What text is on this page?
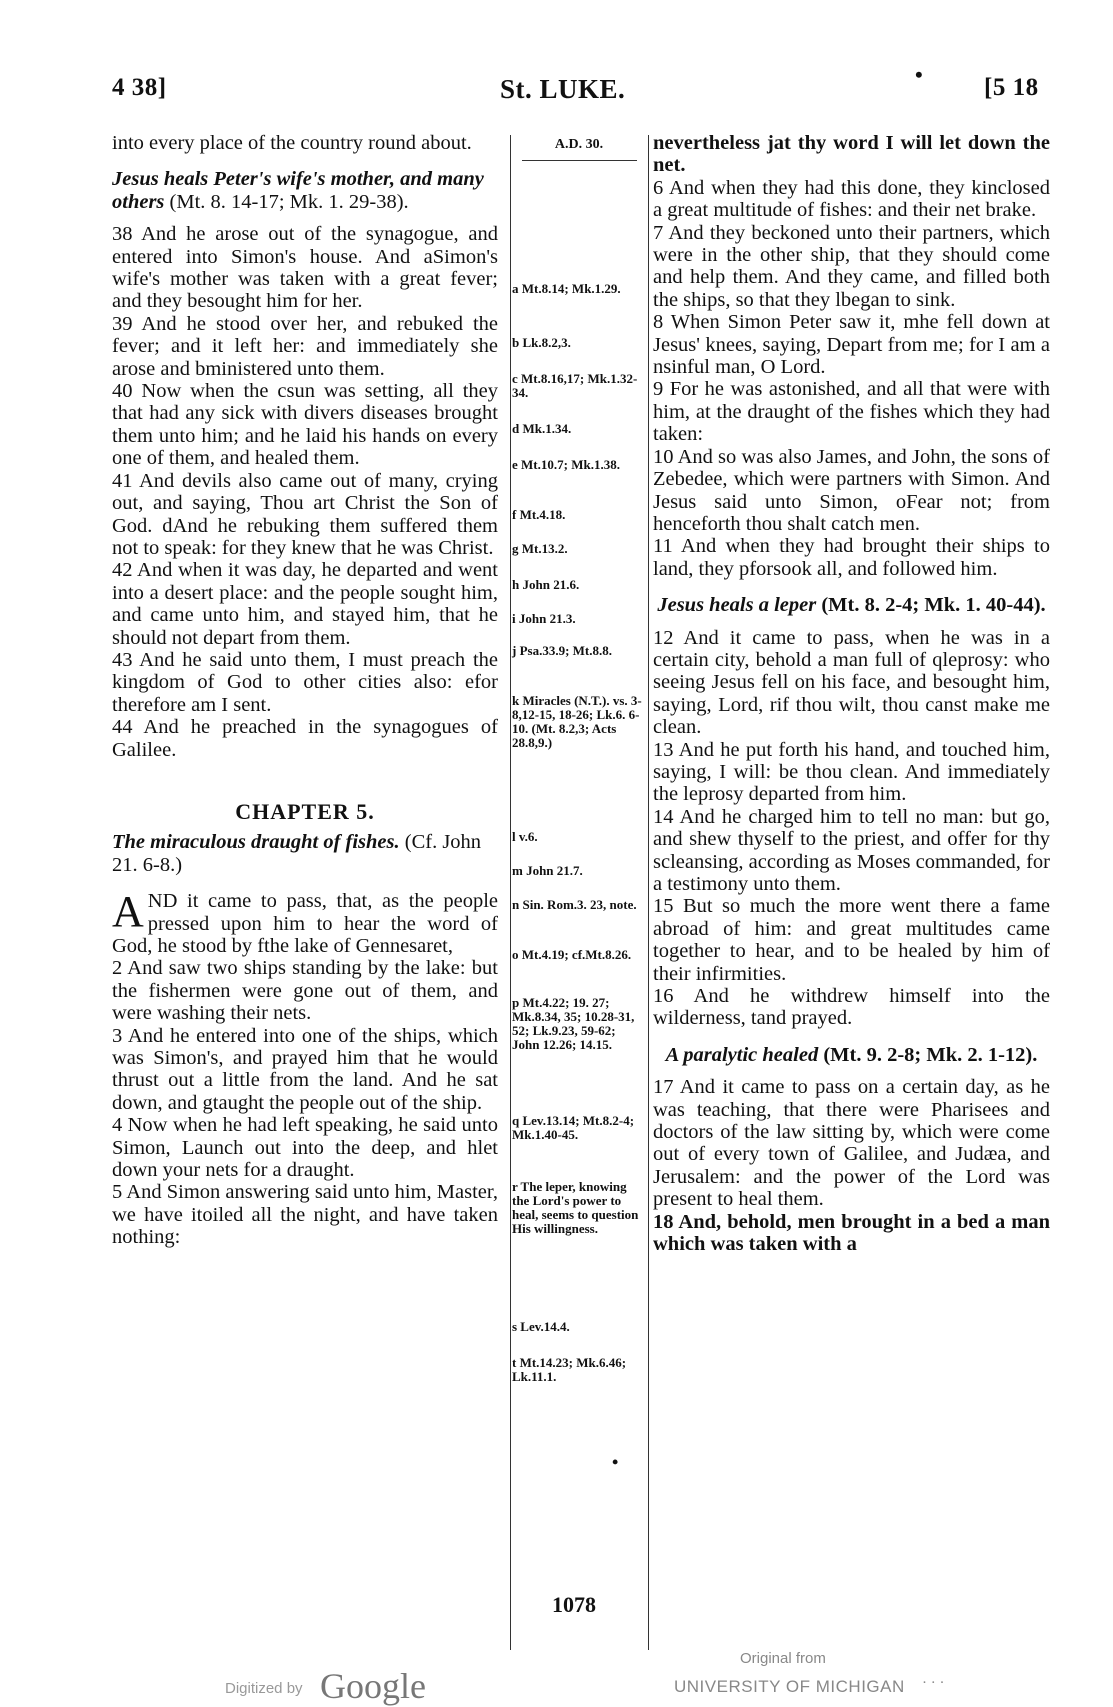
4 38]	St. LUKE.	• [5 18

into every place of the country round about.

Jesus heals Peter's wife's mother, and many others (Mt. 8. 14-17; Mk. 1. 29-38).

38 And he arose out of the synagogue, and entered into Simon's house. And aSimon's wife's mother was taken with a great fever; and they besought him for her.

39 And he stood over her, and rebuked the fever; and it left her: and immediately she arose and bministered unto them.

40 Now when the csun was setting, all they that had any sick with divers diseases brought them unto him; and he laid his hands on every one of them, and healed them.

41 And devils also came out of many, crying out, and saying, Thou art Christ the Son of God. dAnd he rebuking them suffered them not to speak: for they knew that he was Christ.

42 And when it was day, he departed and went into a desert place: and the people sought him, and came unto him, and stayed him, that he should not depart from them.

43 And he said unto them, I must preach the kingdom of God to other cities also: efor therefore am I sent.

44 And he preached in the synagogues of Galilee.

CHAPTER 5.

The miraculous draught of fishes. (Cf. John 21. 6-8.)

A ND it came to pass, that, as the people pressed upon him to hear the word of God, he stood by fthe lake of Gennesaret,

2 And saw two ships standing by the lake: but the fishermen were gone out of them, and were washing their nets.

3 And he entered into one of the ships, which was Simon's, and prayed him that he would thrust out a little from the land. And he sat down, and gtaught the people out of the ship.

4 Now when he had left speaking, he said unto Simon, Launch out into the deep, and hlet down your nets for a draught.

5 And Simon answering said unto him, Master, we have itoiled all the night, and have taken nothing:

A.D. 30.
a Mt.8.14; Mk.1.29.
b Lk.8.2,3.
c Mt.8.16,17; Mk.1.32-34.
d Mk.1.34.
e Mt.10.7; Mk.1.38.
f Mt.4.18.
g Mt.13.2.
h John 21.6.
i John 21.3.
j Psa.33.9; Mt.8.8.
k Miracles (N.T.). vs. 3-8,12-15, 18-26; Lk.6. 6-10. (Mt. 8.2,3; Acts 28.8,9.)
l v.6.
m John 21.7.
n Sin. Rom.3. 23, note.
o Mt.4.19; cf.Mt.8.26.
p Mt.4.22; 19. 27; Mk.8.34, 35; 10.28-31, 52; Lk.9.23, 59-62; John 12.26; 14.15.
q Lev.13.14; Mt.8.2-4; Mk.1.40-45.
r The leper, knowing the Lord's power to heal, seems to question His willingness.
s Lev.14.4.
t Mt.14.23; Mk.6.46; Lk.11.1.
•

nevertheless jat thy word I will let down the net.

6 And when they had this done, they kinclosed a great multitude of fishes: and their net brake.

7 And they beckoned unto their partners, which were in the other ship, that they should come and help them. And they came, and filled both the ships, so that they lbegan to sink.

8 When Simon Peter saw it, mhe fell down at Jesus' knees, saying, Depart from me; for I am a nsinful man, O Lord.

9 For he was astonished, and all that were with him, at the draught of the fishes which they had taken:

10 And so was also James, and John, the sons of Zebedee, which were partners with Simon. And Jesus said unto Simon, oFear not; from henceforth thou shalt catch men.

11 And when they had brought their ships to land, they pforsook all, and followed him.

Jesus heals a leper (Mt. 8. 2-4; Mk. 1. 40-44).

12 And it came to pass, when he was in a certain city, behold a man full of qleprosy: who seeing Jesus fell on his face, and besought him, saying, Lord, rif thou wilt, thou canst make me clean.

13 And he put forth his hand, and touched him, saying, I will: be thou clean. And immediately the leprosy departed from him.

14 And he charged him to tell no man: but go, and shew thyself to the priest, and offer for thy scleansing, according as Moses commanded, for a testimony unto them.

15 But so much the more went there a fame abroad of him: and great multitudes came together to hear, and to be healed by him of their infirmities.

16 And he withdrew himself into the wilderness, tand prayed.

A paralytic healed (Mt. 9. 2-8; Mk. 2. 1-12).

17 And it came to pass on a certain day, as he was teaching, that there were Pharisees and doctors of the law sitting by, which were come out of every town of Galilee, and Judæa, and Jerusalem: and the power of the Lord was present to heal them.

18 And, behold, men brought in a bed a man which was taken with a

1078
Digitized by Google
Original from
UNIVERSITY OF MICHIGAN · · ·
